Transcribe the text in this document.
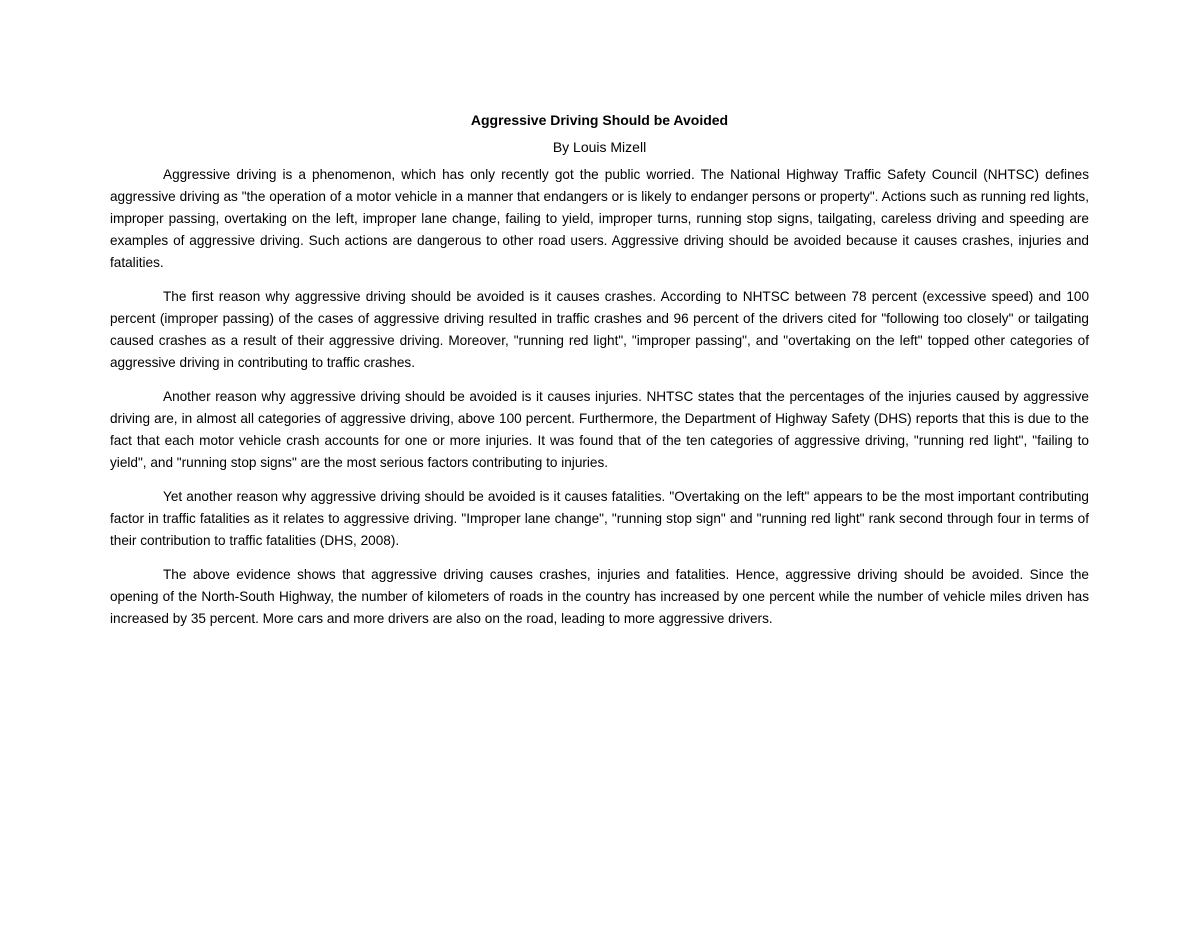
Aggressive Driving Should be Avoided
By Louis Mizell

Aggressive driving is a phenomenon, which has only recently got the public worried. The National Highway Traffic Safety Council (NHTSC) defines aggressive driving as "the operation of a motor vehicle in a manner that endangers or is likely to endanger persons or property". Actions such as running red lights, improper passing, overtaking on the left, improper lane change, failing to yield, improper turns, running stop signs, tailgating, careless driving and speeding are examples of aggressive driving. Such actions are dangerous to other road users. Aggressive driving should be avoided because it causes crashes, injuries and fatalities.

The first reason why aggressive driving should be avoided is it causes crashes. According to NHTSC between 78 percent (excessive speed) and 100 percent (improper passing) of the cases of aggressive driving resulted in traffic crashes and 96 percent of the drivers cited for "following too closely" or tailgating caused crashes as a result of their aggressive driving. Moreover, "running red light", "improper passing", and "overtaking on the left" topped other categories of aggressive driving in contributing to traffic crashes.

Another reason why aggressive driving should be avoided is it causes injuries. NHTSC states that the percentages of the injuries caused by aggressive driving are, in almost all categories of aggressive driving, above 100 percent. Furthermore, the Department of Highway Safety (DHS) reports that this is due to the fact that each motor vehicle crash accounts for one or more injuries. It was found that of the ten categories of aggressive driving, "running red light", "failing to yield", and "running stop signs" are the most serious factors contributing to injuries.

Yet another reason why aggressive driving should be avoided is it causes fatalities. "Overtaking on the left" appears to be the most important contributing factor in traffic fatalities as it relates to aggressive driving. "Improper lane change", "running stop sign" and "running red light" rank second through four in terms of their contribution to traffic fatalities (DHS, 2008).

The above evidence shows that aggressive driving causes crashes, injuries and fatalities. Hence, aggressive driving should be avoided. Since the opening of the North-South Highway, the number of kilometers of roads in the country has increased by one percent while the number of vehicle miles driven has increased by 35 percent. More cars and more drivers are also on the road, leading to more aggressive drivers.
